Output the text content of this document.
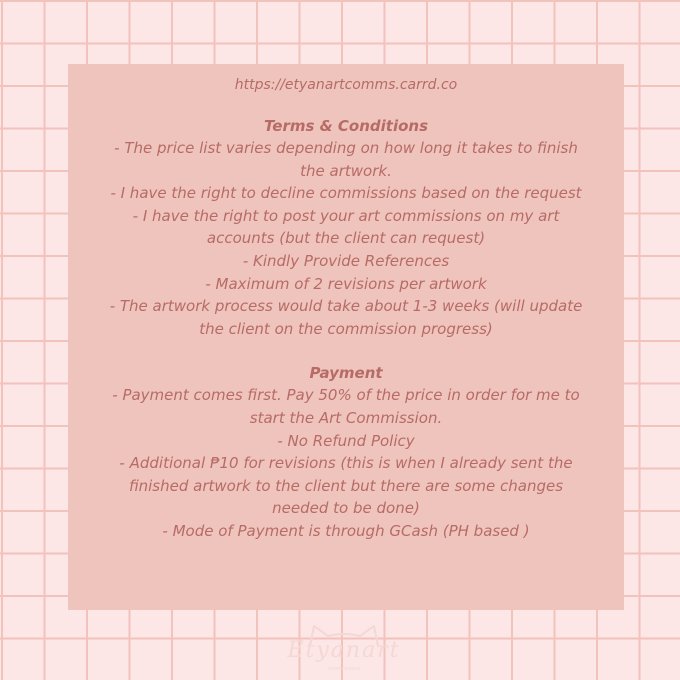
https://etyanartcomms.carrd.co

Terms & Conditions

- The price list varies depending on how long it takes to finish

the artwork.

- I have the right to decline commissions based on the request

- I have the right to post your art commissions on my art

accounts (but the client can request)

- Kindly Provide References

- Maximum of 2 revisions per artwork

- The artwork process would take about 1-3 weeks (will update

the client on the commission progress)

Payment

- Payment comes first. Pay 50% of the price in order for me to

start the Art Commission.

- No Refund Policy

- Additional ₱10 for revisions (this is when I already sent the

finished artwork to the client but there are some changes

needed to be done)

- Mode of Payment is through GCash (PH based )

Etyanart
commissions
